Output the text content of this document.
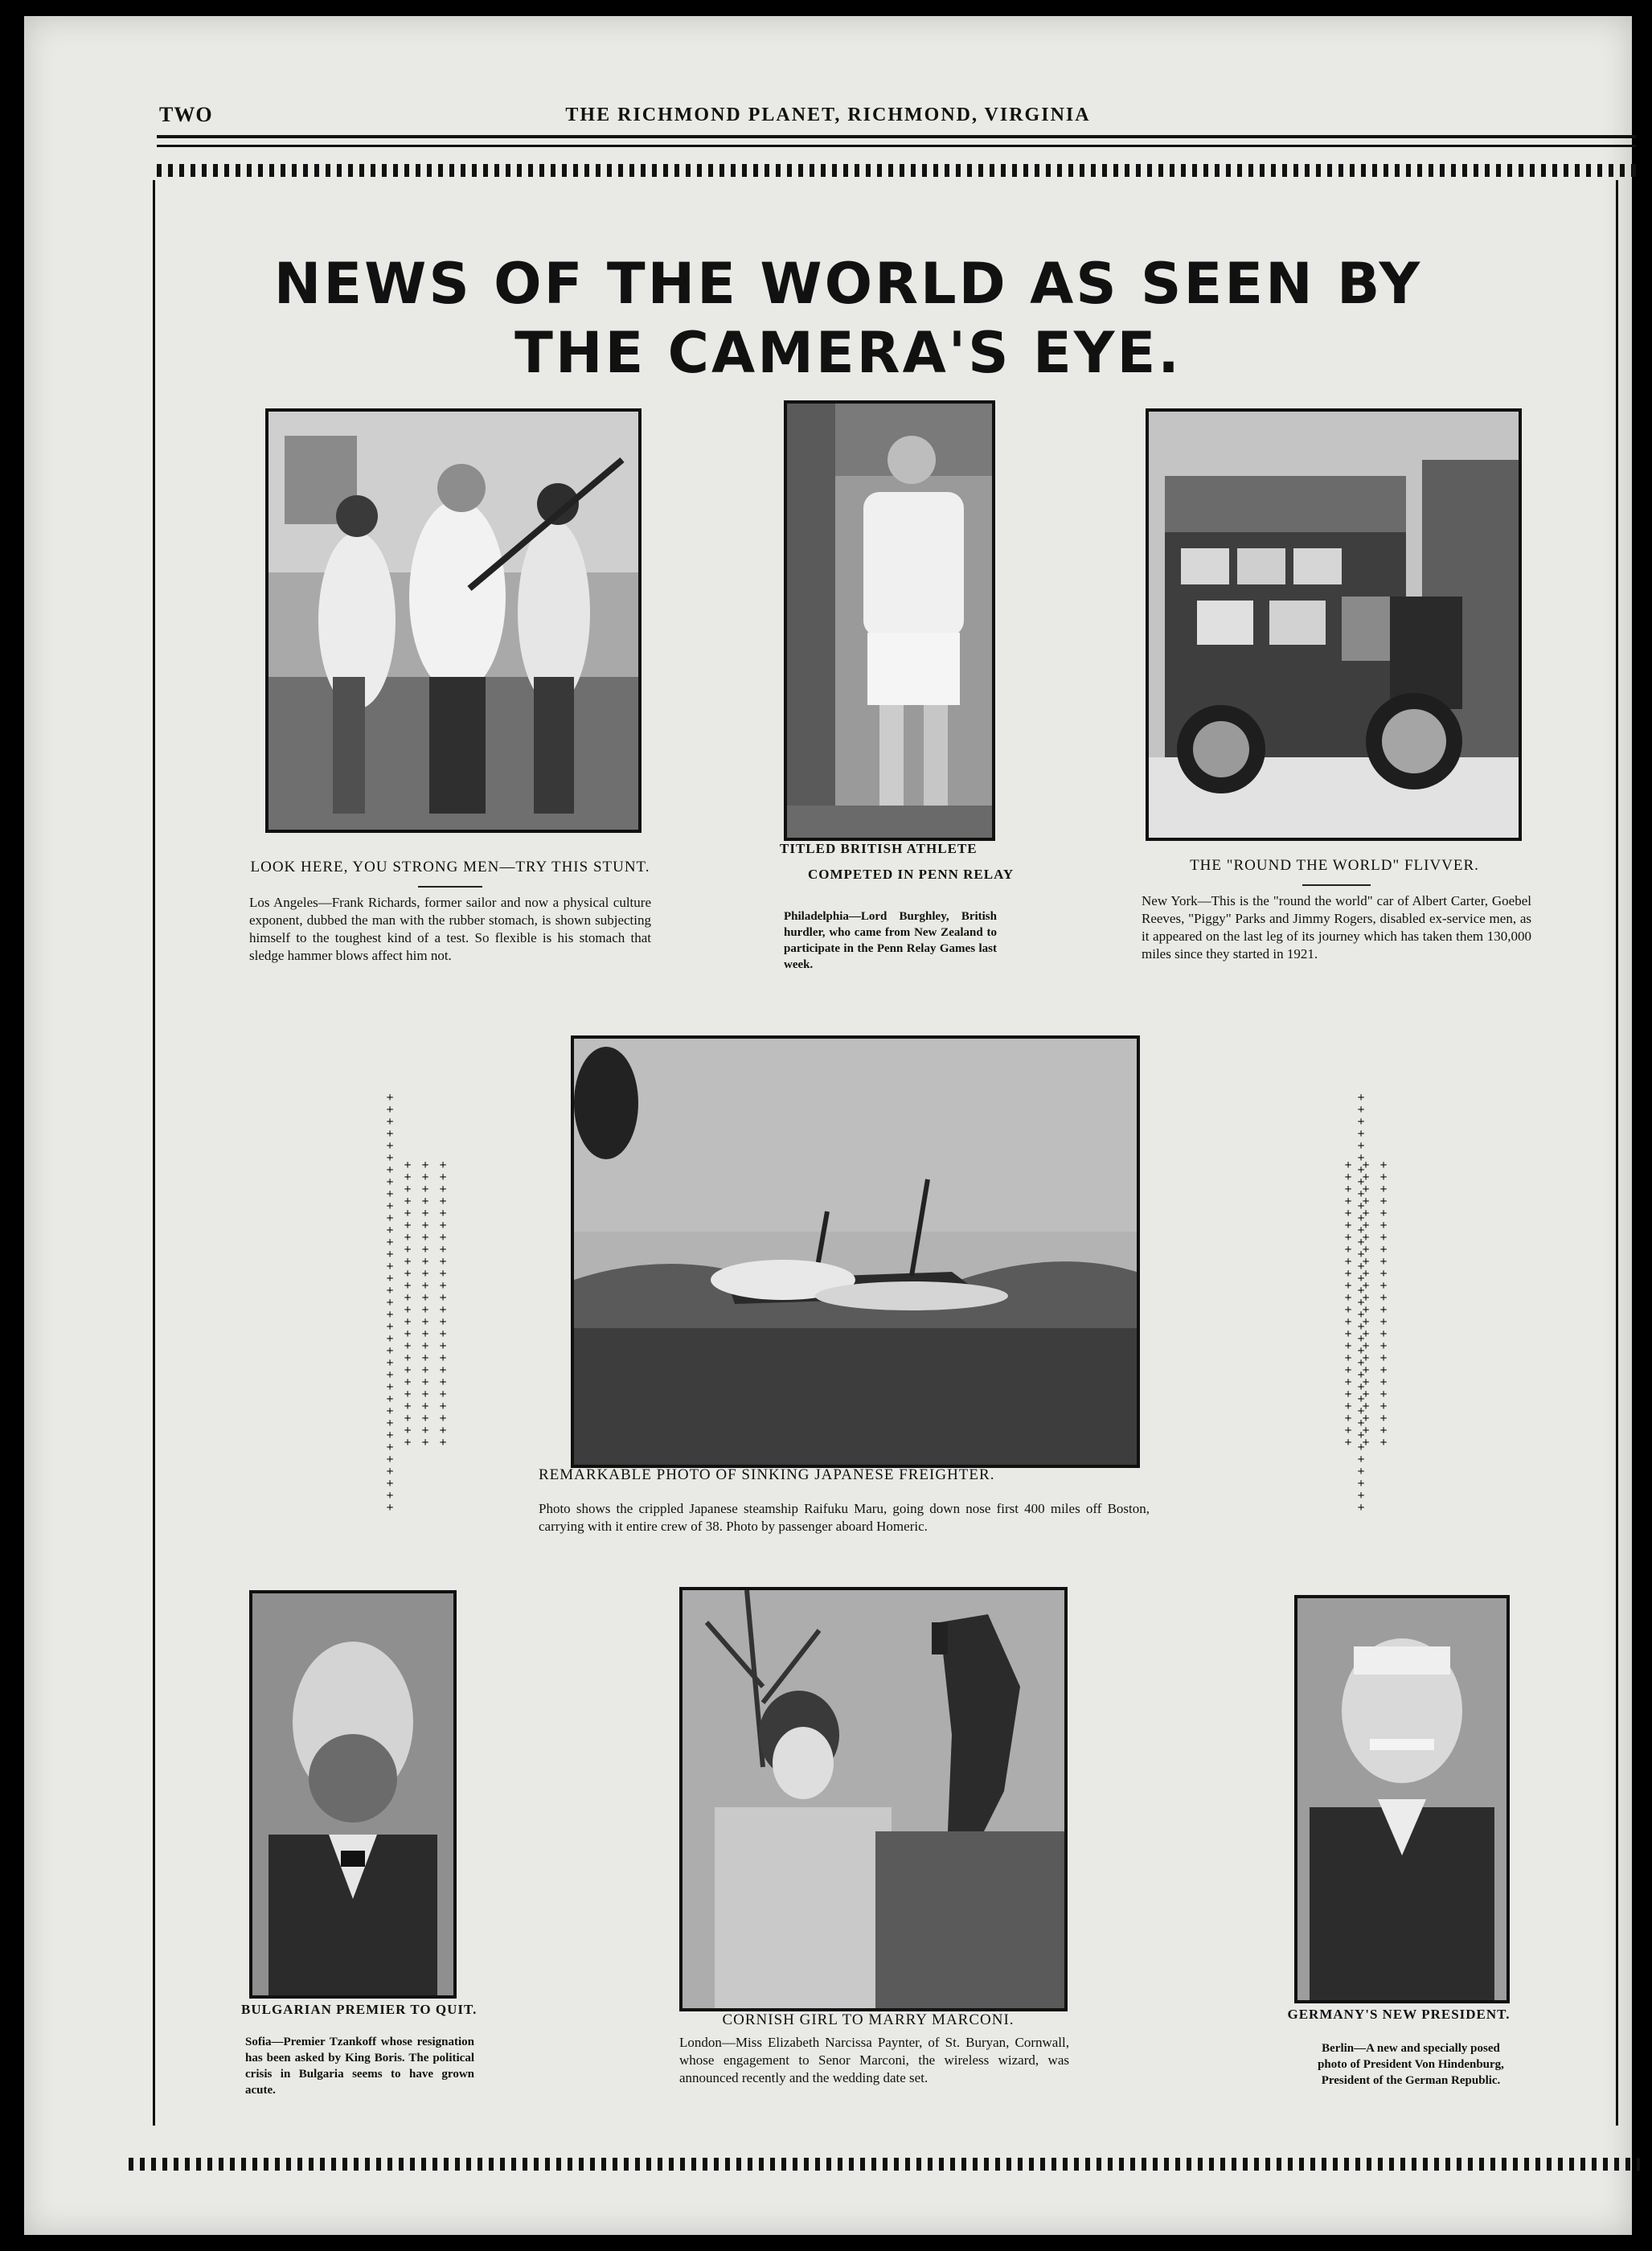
TWO	THE RICHMOND PLANET, RICHMOND, VIRGINIA
NEWS OF THE WORLD AS SEEN BY
THE CAMERA'S EYE.
LOOK HERE, YOU STRONG MEN—TRY THIS STUNT.
Los Angeles—Frank Richards, former sailor and now a physical culture exponent, dubbed the man with the rubber stomach, is shown subjecting himself to the toughest kind of a test. So flexible is his stomach that sledge hammer blows affect him not.
TITLED BRITISH ATHLETE
COMPETED IN PENN RELAY
Philadelphia—Lord Burghley, British hurdler, who came from New Zealand to participate in the Penn Relay Games last week.
THE "ROUND THE WORLD" FLIVVER.
New York—This is the "round the world" car of Albert Carter, Goebel Reeves, "Piggy" Parks and Jimmy Rogers, disabled ex-service men, as it appeared on the last leg of its journey which has taken them 130,000 miles since they started in 1921.
+
+
+
+
+
+
+
+
+
+
+
+
+
+
+
+
+
+
+
+
+
+
+
+
+
+
+
+
+
+
+
+
+
+
+
+
+
+
+
+
+
+
+
+
+
+
+
+
+
+
+
+
+
+
+
+
+
+
+
+
+
+
+
+
+
+
+
+
+
+
+
+
+
+
+
+
+
+
+
+
+
+
+
+
+
+
+
+
+
+
+
+
+
+
+
+
+
+
+
+
+
+
+
+
+
+
+
+
+
+
+
+
+
+
+
+
+
+
+
+
+
+
+
+
+
+
+
+
+
+
+
+
+
+
+
+
+
+
+
+
+
+
+
+
+
+
+
+
+
+
+
+
+
+
+
+
+
+
+
+
+
+
+
+
+
+
+
+
+
+
+
+
+
+
+
+
+
+
+
+
+
+
+
+
+
+
+
+
+
+
+
+
+
+
+
+
+
+
+
+
+
+
+
+
+
+
+
+
+
+
+
+
+
+
REMARKABLE PHOTO OF SINKING JAPANESE FREIGHTER.
Photo shows the crippled Japanese steamship Raifuku Maru, going down nose first 400 miles off Boston, carrying with it entire crew of 38. Photo by passenger aboard Homeric.
BULGARIAN PREMIER TO QUIT.
Sofia—Premier Tzankoff whose resignation has been asked by King Boris. The political crisis in Bulgaria seems to have grown acute.
CORNISH GIRL TO MARRY MARCONI.
London—Miss Elizabeth Narcissa Paynter, of St. Buryan, Cornwall, whose engagement to Senor Marconi, the wireless wizard, was announced recently and the wedding date set.
GERMANY'S NEW PRESIDENT.
Berlin—A new and specially posed photo of President Von Hindenburg, President of the German Republic.
